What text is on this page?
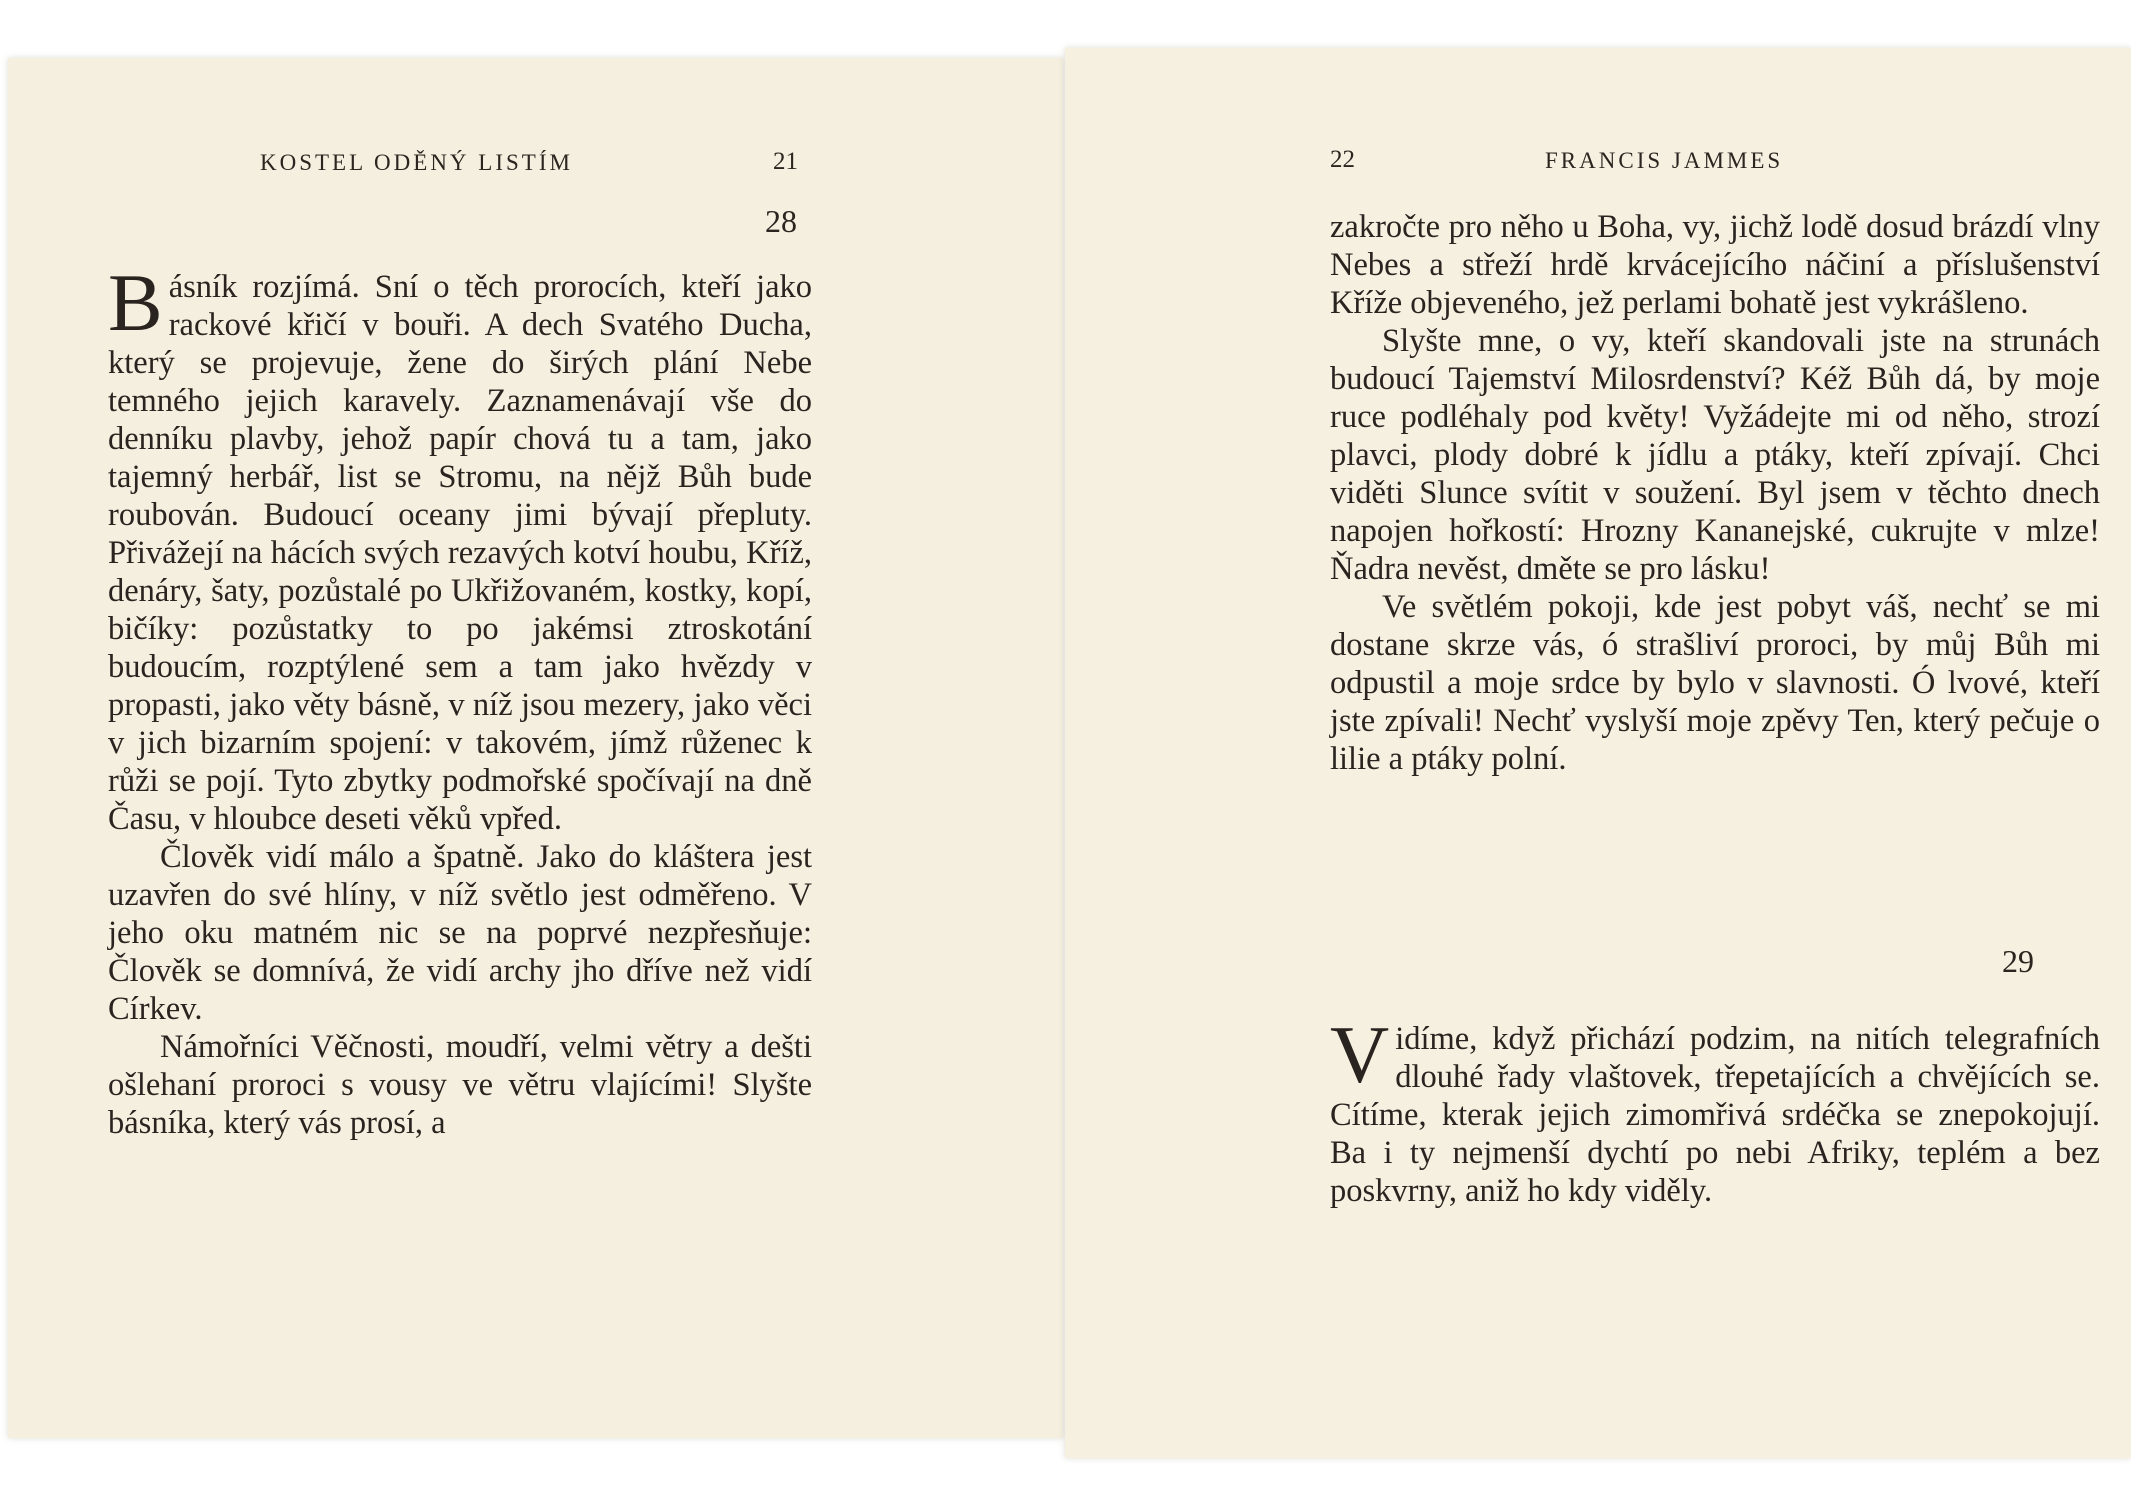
KOSTEL ODĚNÝ LISTÍM	21
28

Básník rozjímá. Sní o těch prorocích, kteří jako rackové křičí v bouři. A dech Svatého Ducha, který se projevuje, žene do širých plání Nebe temného jejich karavely. Zaznamenávají vše do denníku plavby, jehož papír chová tu a tam, jako tajemný herbář, list se Stromu, na nějž Bůh bude roubován. Budoucí oceany jimi bývají přepluty. Přivážejí na hácích svých rezavých kotví houbu, Kříž, denáry, šaty, pozůstalé po Ukřižovaném, kostky, kopí, bičíky: pozůstatky to po jakémsi ztroskotání budoucím, rozptýlené sem a tam jako hvězdy v propasti, jako věty básně, v níž jsou mezery, jako věci v jich bizarním spojení: v takovém, jímž růženec k růži se pojí. Tyto zbytky podmořské spočívají na dně Času, v hloubce deseti věků vpřed.

Člověk vidí málo a špatně. Jako do kláštera jest uzavřen do své hlíny, v níž světlo jest odměřeno. V jeho oku matném nic se na poprvé nezpřesňuje: Člověk se domnívá, že vidí archy jho dříve než vidí Církev.

Námořníci Věčnosti, moudří, velmi větry a dešti ošlehaní proroci s vousy ve větru vlajícími! Slyšte básníka, který vás prosí, a

22	FRANCIS JAMMES

zakročte pro něho u Boha, vy, jichž lodě dosud brázdí vlny Nebes a střeží hrdě krvácejícího náčiní a příslušenství Kříže objeveného, jež perlami bohatě jest vykrášleno.

Slyšte mne, o vy, kteří skandovali jste na strunách budoucí Tajemství Milosrdenství? Kéž Bůh dá, by moje ruce podléhaly pod květy! Vyžádejte mi od něho, strozí plavci, plody dobré k jídlu a ptáky, kteří zpívají. Chci viděti Slunce svítit v soužení. Byl jsem v těchto dnech napojen hořkostí: Hrozny Kananejské, cukrujte v mlze! Ňadra nevěst, dměte se pro lásku!

Ve světlém pokoji, kde jest pobyt váš, nechť se mi dostane skrze vás, ó strašliví proroci, by můj Bůh mi odpustil a moje srdce by bylo v slavnosti. Ó lvové, kteří jste zpívali! Nechť vyslyší moje zpěvy Ten, který pečuje o lilie a ptáky polní.

29

Vidíme, když přichází podzim, na nitích telegrafních dlouhé řady vlaštovek, třepetajících a chvějících se. Cítíme, kterak jejich zimomřivá srdéčka se znepokojují. Ba i ty nejmenší dychtí po nebi Afriky, teplém a bez poskvrny, aniž ho kdy viděly.
